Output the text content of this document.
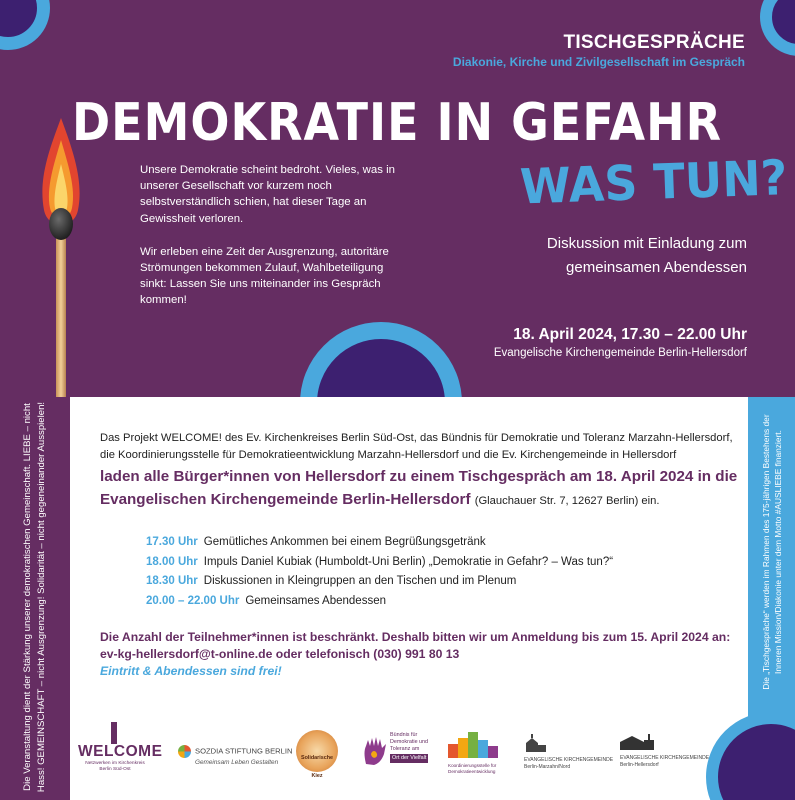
TISCHGESPRÄCHE
Diakonie, Kirche und Zivilgesellschaft im Gespräch
DEMOKRATIE IN GEFAHR
WAS TUN?

Unsere Demokratie scheint bedroht. Vieles, was in unserer Gesellschaft vor kurzem noch selbstverständlich schien, hat dieser Tage an Gewissheit verloren.

Wir erleben eine Zeit der Ausgrenzung, autoritäre Strömungen bekommen Zulauf, Wahlbeteiligung sinkt: Lassen Sie uns miteinander ins Gespräch kommen!

Diskussion mit Einladung zum gemeinsamen Abendessen
18. April 2024, 17.30 – 22.00 Uhr
Evangelische Kirchengemeinde Berlin-Hellersdorf
Die Veranstaltung dient der Stärkung unserer demokratischen Gemeinschaft. LIEBE – nicht Hass! GEMEINSCHAFT – nicht Ausgrenzung! Solidarität – nicht gegeneinander Ausspielen!	Die „Tischgespräche“ werden im Rahmen des 175-jährigen Bestehens der Inneren Mission/Diakonie unter dem Motto #AUSLIEBE finanziert.
Das Projekt WELCOME! des Ev. Kirchenkreises Berlin Süd-Ost, das Bündnis für Demokratie und Toleranz Marzahn-Hellersdorf, die Koordinierungsstelle für Demokratieentwicklung Marzahn-Hellersdorf und die Ev. Kirchengemeinde in Hellersdorf
laden alle Bürger*innen von Hellersdorf zu einem Tischgespräch am 18. April 2024 in die Evangelischen Kirchengemeinde Berlin-Hellersdorf (Glauchauer Str. 7, 12627 Berlin) ein.
17.30 Uhr Gemütliches Ankommen bei einem Begrüßungsgetränk
18.00 Uhr Impuls Daniel Kubiak (Humboldt-Uni Berlin) „Demokratie in Gefahr? – Was tun?“
18.30 Uhr Diskussionen in Kleingruppen an den Tischen und im Plenum
20.00 – 22.00 Uhr Gemeinsames Abendessen
Die Anzahl der Teilnehmer*innen ist beschränkt. Deshalb bitten wir um Anmeldung bis zum 15. April 2024 an: ev-kg-hellersdorf@t-online.de oder telefonisch (030) 991 80 13
Eintritt & Abendessen sind frei!
WELCOME
Netzwerken im Kirchenkreis Berlin Süd-Ost
SOZDIA STIFTUNG BERLIN
Gemeinsam Leben Gestalten
Solidarische Kiez
Bündnis für Demokratie und Toleranz am
Ort der Vielfalt
Koordinierungsstelle für Demokratieentwicklung
EVANGELISCHE KIRCHENGEMEINDE
Berlin-Marzahn/Nord
EVANGELISCHE KIRCHENGEMEINDE
Berlin-Hellersdorf
